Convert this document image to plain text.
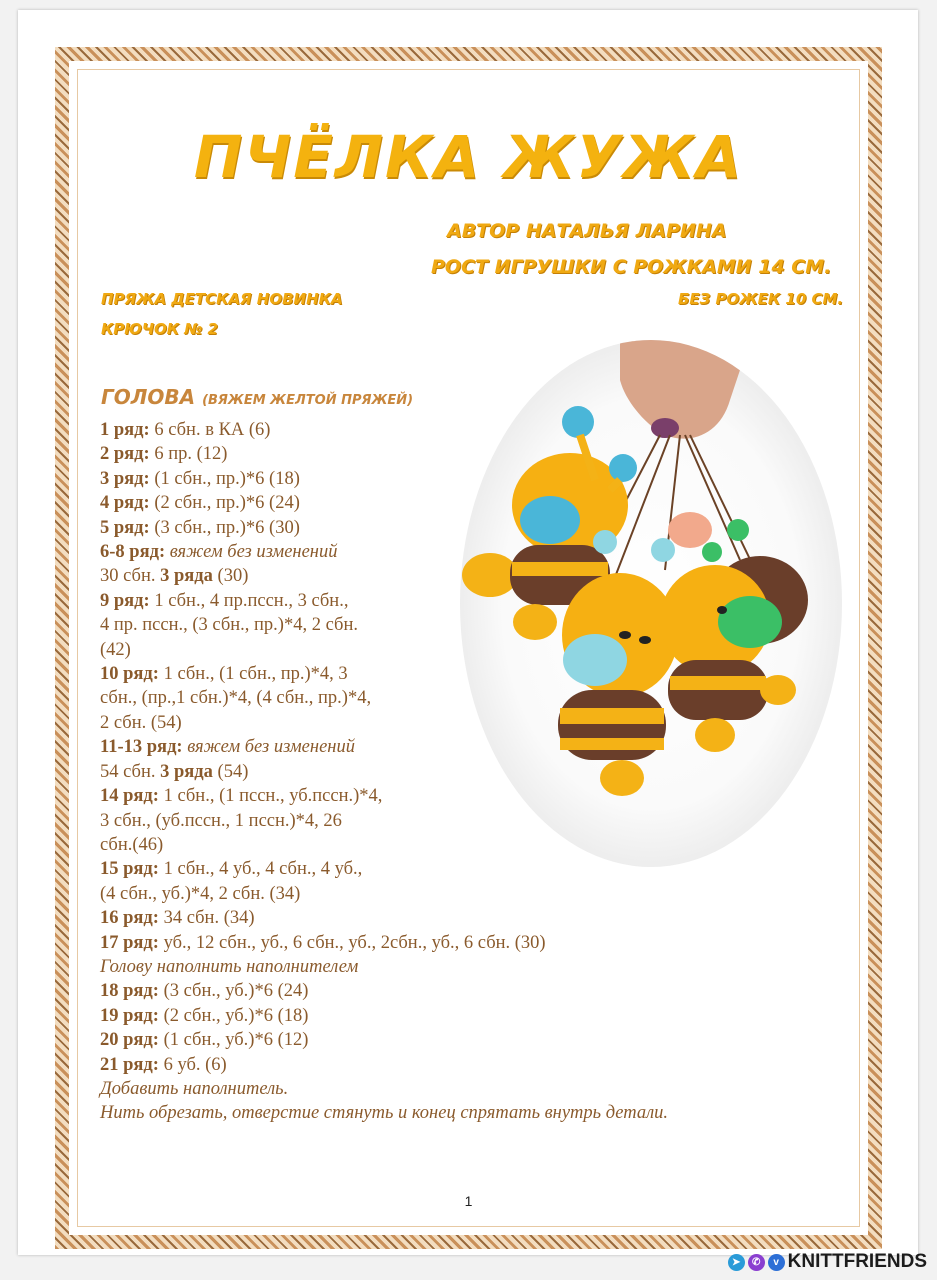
ПЧЁЛКА ЖУЖА
АВТОР НАТАЛЬЯ ЛАРИНА
РОСТ ИГРУШКИ С РОЖКАМИ 14 СМ.
ПРЯЖА ДЕТСКАЯ НОВИНКА
КРЮЧОК № 2
БЕЗ РОЖЕК 10 СМ.
ГОЛОВА (ВЯЖЕМ ЖЕЛТОЙ ПРЯЖЕЙ)
1 ряд: 6 сбн. в КА (6)
2 ряд: 6 пр. (12)
3 ряд: (1 сбн., пр.)*6 (18)
4 ряд: (2 сбн., пр.)*6 (24)
5 ряд: (3 сбн., пр.)*6 (30)
6-8 ряд: вяжем без изменений
30 сбн. 3 ряда (30)
9 ряд: 1 сбн., 4 пр.пссн., 3 сбн.,
4 пр. пссн., (3 сбн., пр.)*4, 2 сбн.
(42)
10 ряд: 1 сбн., (1 сбн., пр.)*4, 3
сбн., (пр.,1 сбн.)*4, (4 сбн., пр.)*4,
2 сбн. (54)
11-13 ряд: вяжем без изменений
54 сбн. 3 ряда (54)
14 ряд: 1 сбн., (1 пссн., уб.пссн.)*4,
3 сбн., (уб.пссн., 1 пссн.)*4, 26
сбн.(46)
15 ряд: 1 сбн., 4 уб., 4 сбн., 4 уб.,
(4 сбн., уб.)*4, 2 сбн. (34)
16 ряд: 34 сбн. (34)
17 ряд: уб., 12 сбн., уб., 6 сбн., уб., 2сбн., уб., 6 сбн. (30)
Голову наполнить наполнителем
18 ряд: (3 сбн., уб.)*6 (24)
19 ряд: (2 сбн., уб.)*6 (18)
20 ряд: (1 сбн., уб.)*6 (12)
21 ряд: 6 уб. (6)
Добавить наполнитель.
Нить обрезать, отверстие стянуть и конец спрятать внутрь детали.
1
➤	✆	v KNITTFRIENDS
